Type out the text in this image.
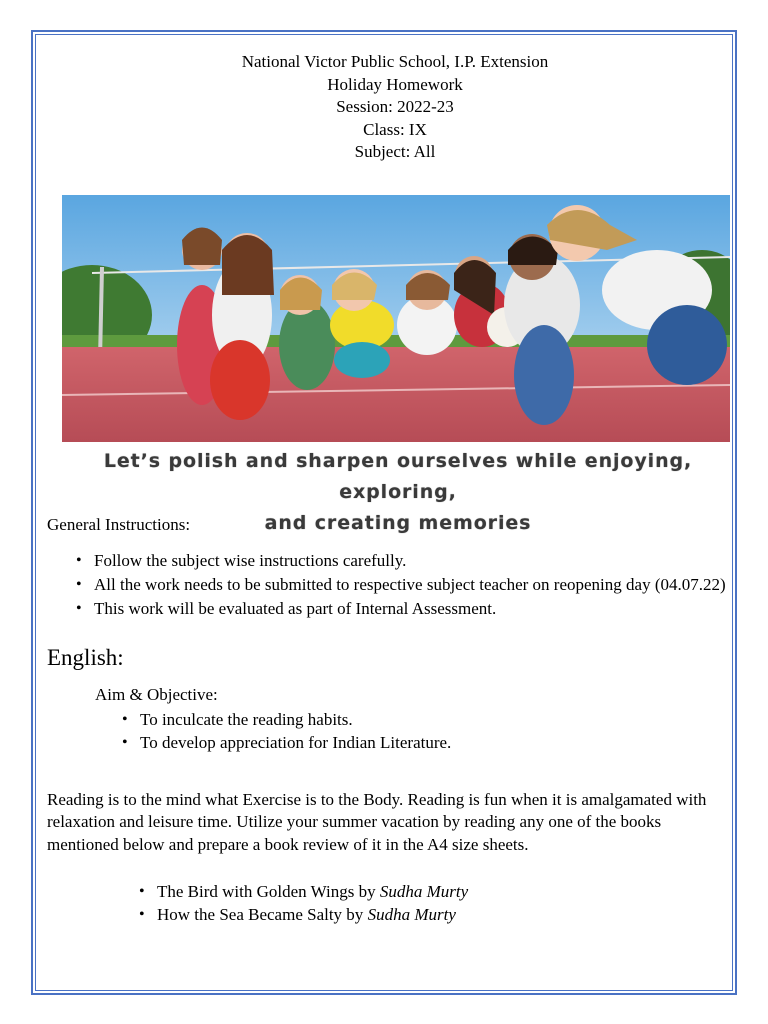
National Victor Public School, I.P. Extension
Holiday Homework
Session: 2022-23
Class: IX
Subject: All
Let’s polish and sharpen ourselves while enjoying, exploring,
and creating memories
General Instructions:
• Follow the subject wise instructions carefully.
• All the work needs to be submitted to respective subject teacher on reopening day (04.07.22)
• This work will be evaluated as part of Internal Assessment.
English:
Aim & Objective:
• To inculcate the reading habits.
• To develop appreciation for Indian Literature.
Reading is to the mind what Exercise is to the Body. Reading is fun when it is amalgamated with relaxation and leisure time. Utilize your summer vacation by reading any one of the books mentioned below and prepare a book review of it in the A4 size sheets.
• The Bird with Golden Wings by Sudha Murty
• How the Sea Became Salty by Sudha Murty
